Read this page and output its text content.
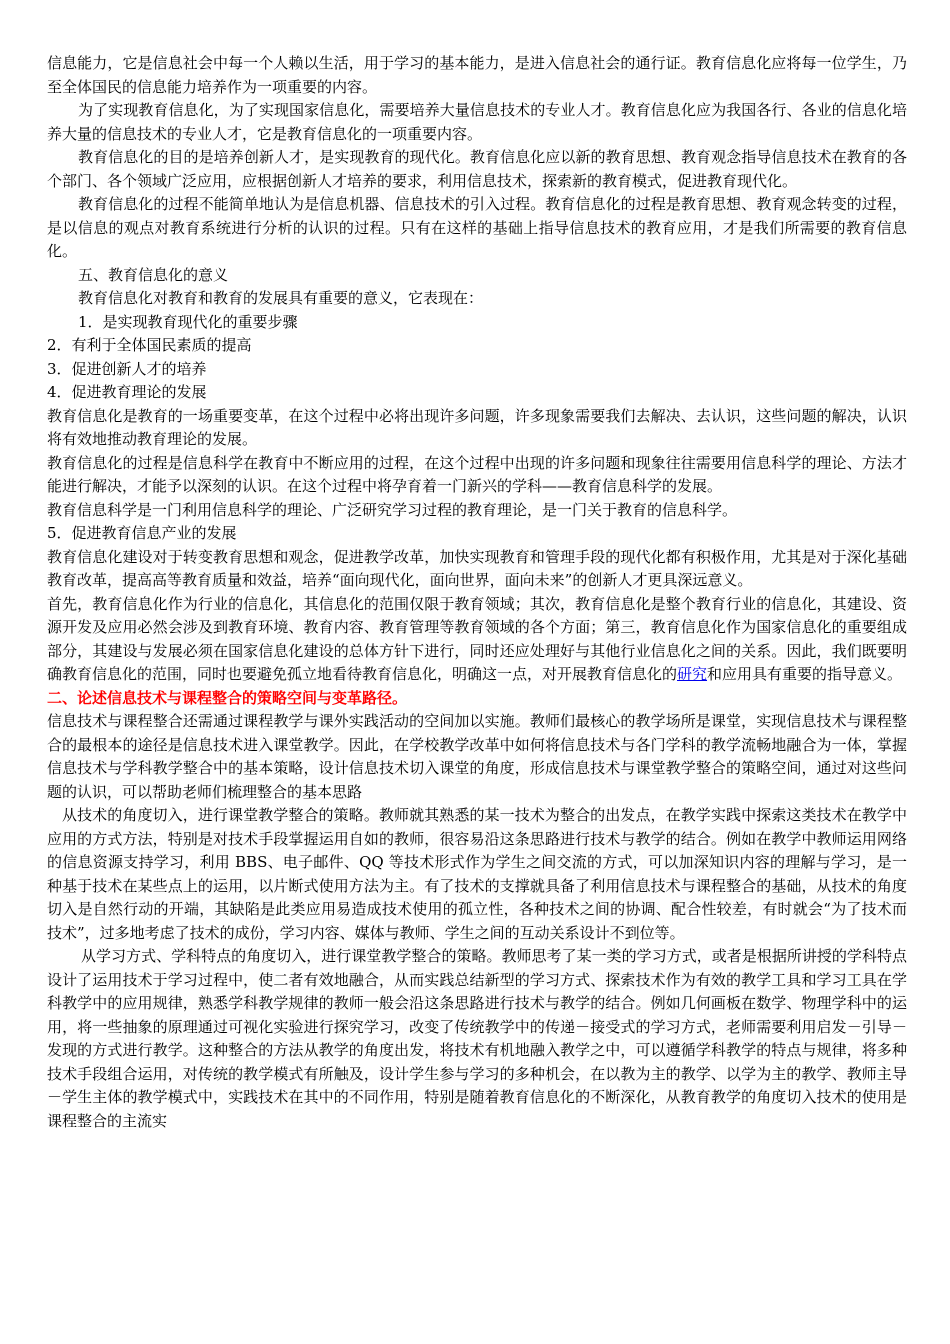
信息能力，它是信息社会中每一个人赖以生活，用于学习的基本能力，是进入信息社会的通行证。教育信息化应将每一位学生，乃至全体国民的信息能力培养作为一项重要的内容。

为了实现教育信息化，为了实现国家信息化，需要培养大量信息技术的专业人才。教育信息化应为我国各行、各业的信息化培养大量的信息技术的专业人才，它是教育信息化的一项重要内容。

教育信息化的目的是培养创新人才，是实现教育的现代化。教育信息化应以新的教育思想、教育观念指导信息技术在教育的各个部门、各个领域广泛应用，应根据创新人才培养的要求，利用信息技术，探索新的教育模式，促进教育现代化。

教育信息化的过程不能简单地认为是信息机器、信息技术的引入过程。教育信息化的过程是教育思想、教育观念转变的过程，是以信息的观点对教育系统进行分析的认识的过程。只有在这样的基础上指导信息技术的教育应用，才是我们所需要的教育信息化。

五、教育信息化的意义

教育信息化对教育和教育的发展具有重要的意义，它表现在：

1．是实现教育现代化的重要步骤

2．有利于全体国民素质的提高

3．促进创新人才的培养

4．促进教育理论的发展

教育信息化是教育的一场重要变革，在这个过程中必将出现许多问题，许多现象需要我们去解决、去认识，这些问题的解决，认识将有效地推动教育理论的发展。

教育信息化的过程是信息科学在教育中不断应用的过程，在这个过程中出现的许多问题和现象往往需要用信息科学的理论、方法才能进行解决，才能予以深刻的认识。在这个过程中将孕育着一门新兴的学科——教育信息科学的发展。

教育信息科学是一门利用信息科学的理论、广泛研究学习过程的教育理论，是一门关于教育的信息科学。

5．促进教育信息产业的发展

教育信息化建设对于转变教育思想和观念，促进教学改革，加快实现教育和管理手段的现代化都有积极作用，尤其是对于深化基础教育改革，提高高等教育质量和效益，培养“面向现代化，面向世界，面向未来”的创新人才更具深远意义。

首先，教育信息化作为行业的信息化，其信息化的范围仅限于教育领域；其次，教育信息化是整个教育行业的信息化，其建设、资源开发及应用必然会涉及到教育环境、教育内容、教育管理等教育领域的各个方面；第三，教育信息化作为国家信息化的重要组成部分，其建设与发展必须在国家信息化建设的总体方针下进行，同时还应处理好与其他行业信息化之间的关系。因此，我们既要明确教育信息化的范围，同时也要避免孤立地看待教育信息化，明确这一点，对开展教育信息化的研究和应用具有重要的指导意义。

二、论述信息技术与课程整合的策略空间与变革路径。

信息技术与课程整合还需通过课程教学与课外实践活动的空间加以实施。教师们最核心的教学场所是课堂，实现信息技术与课程整合的最根本的途径是信息技术进入课堂教学。因此，在学校教学改革中如何将信息技术与各门学科的教学流畅地融合为一体，掌握信息技术与学科教学整合中的基本策略，设计信息技术切入课堂的角度，形成信息技术与课堂教学整合的策略空间，通过对这些问题的认识，可以帮助老师们梳理整合的基本思路

从技术的角度切入，进行课堂教学整合的策略。教师就其熟悉的某一技术为整合的出发点，在教学实践中探索这类技术在教学中应用的方式方法，特别是对技术手段掌握运用自如的教师，很容易沿这条思路进行技术与教学的结合。例如在教学中教师运用网络的信息资源支持学习，利用 BBS、电子邮件、QQ 等技术形式作为学生之间交流的方式，可以加深知识内容的理解与学习，是一种基于技术在某些点上的运用，以片断式使用方法为主。有了技术的支撑就具备了利用信息技术与课程整合的基础，从技术的角度切入是自然行动的开端，其缺陷是此类应用易造成技术使用的孤立性，各种技术之间的协调、配合性较差，有时就会“为了技术而技术”，过多地考虑了技术的成份，学习内容、媒体与教师、学生之间的互动关系设计不到位等。

从学习方式、学科特点的角度切入，进行课堂教学整合的策略。教师思考了某一类的学习方式，或者是根据所讲授的学科特点设计了运用技术于学习过程中，使二者有效地融合，从而实践总结新型的学习方式、探索技术作为有效的教学工具和学习工具在学科教学中的应用规律，熟悉学科教学规律的教师一般会沿这条思路进行技术与教学的结合。例如几何画板在数学、物理学科中的运用，将一些抽象的原理通过可视化实验进行探究学习，改变了传统教学中的传递－接受式的学习方式，老师需要利用启发－引导－发现的方式进行教学。这种整合的方法从教学的角度出发，将技术有机地融入教学之中，可以遵循学科教学的特点与规律，将多种技术手段组合运用，对传统的教学模式有所触及，设计学生参与学习的多种机会，在以教为主的教学、以学为主的教学、教师主导－学生主体的教学模式中，实践技术在其中的不同作用，特别是随着教育信息化的不断深化，从教育教学的角度切入技术的使用是课程整合的主流实
